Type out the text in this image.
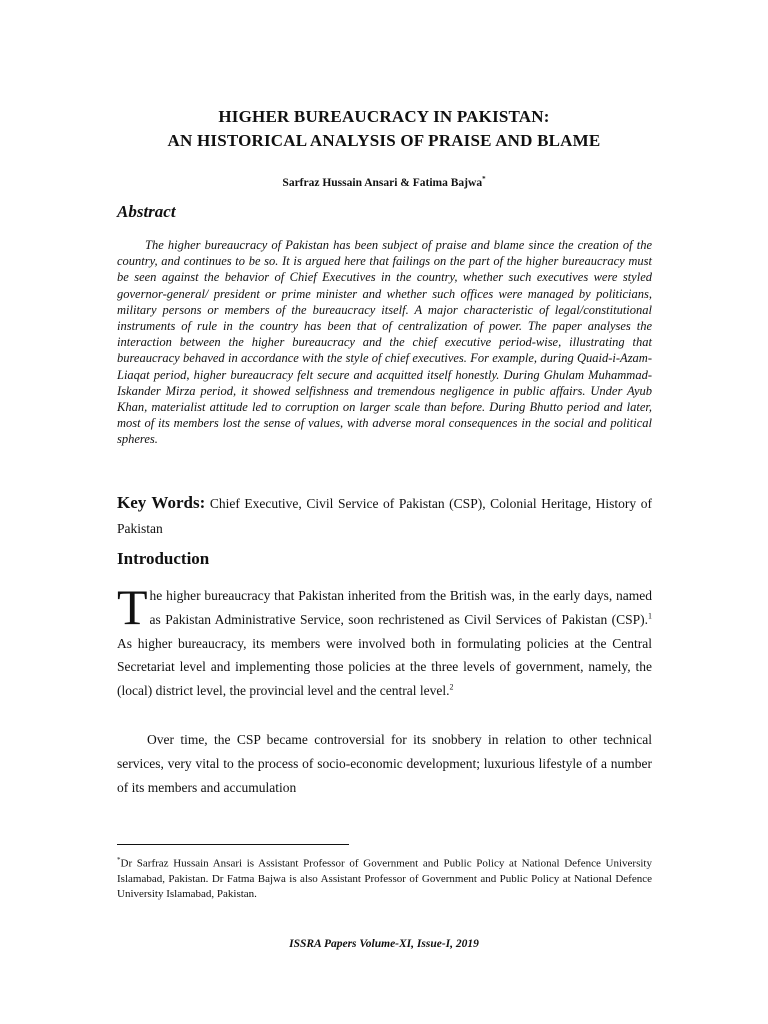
HIGHER BUREAUCRACY IN PAKISTAN:
AN HISTORICAL ANALYSIS OF PRAISE AND BLAME
Sarfraz Hussain Ansari & Fatima Bajwa*
Abstract

The higher bureaucracy of Pakistan has been subject of praise and blame since the creation of the country, and continues to be so. It is argued here that failings on the part of the higher bureaucracy must be seen against the behavior of Chief Executives in the country, whether such executives were styled governor-general/ president or prime minister and whether such offices were managed by politicians, military persons or members of the bureaucracy itself. A major characteristic of legal/constitutional instruments of rule in the country has been that of centralization of power. The paper analyses the interaction between the higher bureaucracy and the chief executive period-wise, illustrating that bureaucracy behaved in accordance with the style of chief executives. For example, during Quaid-i-Azam-Liaqat period, higher bureaucracy felt secure and acquitted itself honestly. During Ghulam Muhammad-Iskander Mirza period, it showed selfishness and tremendous negligence in public affairs. Under Ayub Khan, materialist attitude led to corruption on larger scale than before. During Bhutto period and later, most of its members lost the sense of values, with adverse moral consequences in the social and political spheres.

Key Words: Chief Executive, Civil Service of Pakistan (CSP), Colonial Heritage, History of Pakistan

Introduction

The higher bureaucracy that Pakistan inherited from the British was, in the early days, named as Pakistan Administrative Service, soon rechristened as Civil Services of Pakistan (CSP).$^1$ As higher bureaucracy, its members were involved both in formulating policies at the Central Secretariat level and implementing those policies at the three levels of government, namely, the (local) district level, the provincial level and the central level.$^2$

Over time, the CSP became controversial for its snobbery in relation to other technical services, very vital to the process of socio-economic development; luxurious lifestyle of a number of its members and accumulation

*Dr Sarfraz Hussain Ansari is Assistant Professor of Government and Public Policy at National Defence University Islamabad, Pakistan. Dr Fatma Bajwa is also Assistant Professor of Government and Public Policy at National Defence University Islamabad, Pakistan.

ISSRA Papers Volume-XI, Issue-I, 2019
